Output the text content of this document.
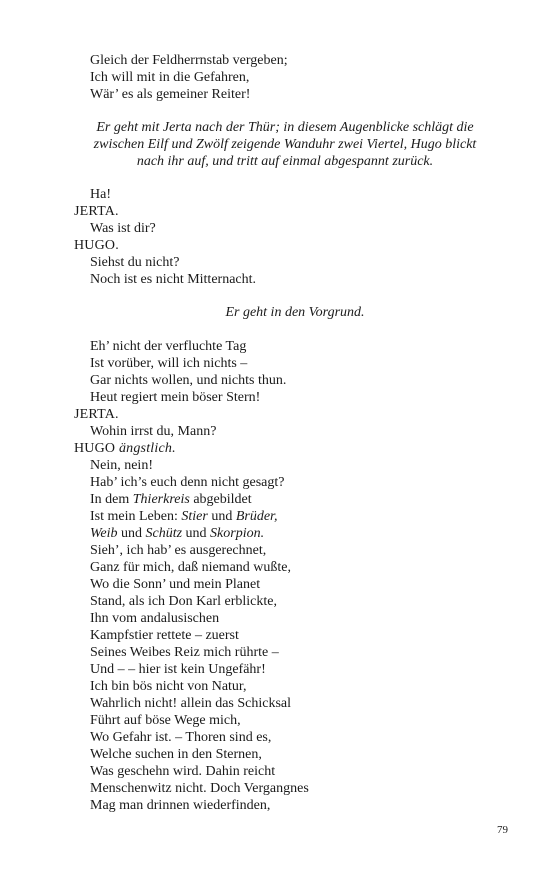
Gleich der Feldherrnstab vergeben;
Ich will mit in die Gefahren,
Wär’ es als gemeiner Reiter!
Er geht mit Jerta nach der Thür; in diesem Augenblicke schlägt die
zwischen Eilf und Zwölf zeigende Wanduhr zwei Viertel, Hugo blickt
nach ihr auf, und tritt auf einmal abgespannt zurück.
Ha!
JERTA.
Was ist dir?
HUGO.
Siehst du nicht?
Noch ist es nicht Mitternacht.
Er geht in den Vorgrund.
Eh’ nicht der verfluchte Tag
Ist vorüber, will ich nichts –
Gar nichts wollen, und nichts thun.
Heut regiert mein böser Stern!
JERTA.
Wohin irrst du, Mann?
HUGO ängstlich.
Nein, nein!
Hab’ ich’s euch denn nicht gesagt?
In dem Thierkreis abgebildet
Ist mein Leben: Stier und Brüder,
Weib und Schütz und Skorpion.
Sieh’, ich hab’ es ausgerechnet,
Ganz für mich, daß niemand wußte,
Wo die Sonn’ und mein Planet
Stand, als ich Don Karl erblickte,
Ihn vom andalusischen
Kampfstier rettete – zuerst
Seines Weibes Reiz mich rührte –
Und – – hier ist kein Ungefähr!
Ich bin bös nicht von Natur,
Wahrlich nicht! allein das Schicksal
Führt auf böse Wege mich,
Wo Gefahr ist. – Thoren sind es,
Welche suchen in den Sternen,
Was geschehn wird. Dahin reicht
Menschenwitz nicht. Doch Vergangnes
Mag man drinnen wiederfinden,
79
